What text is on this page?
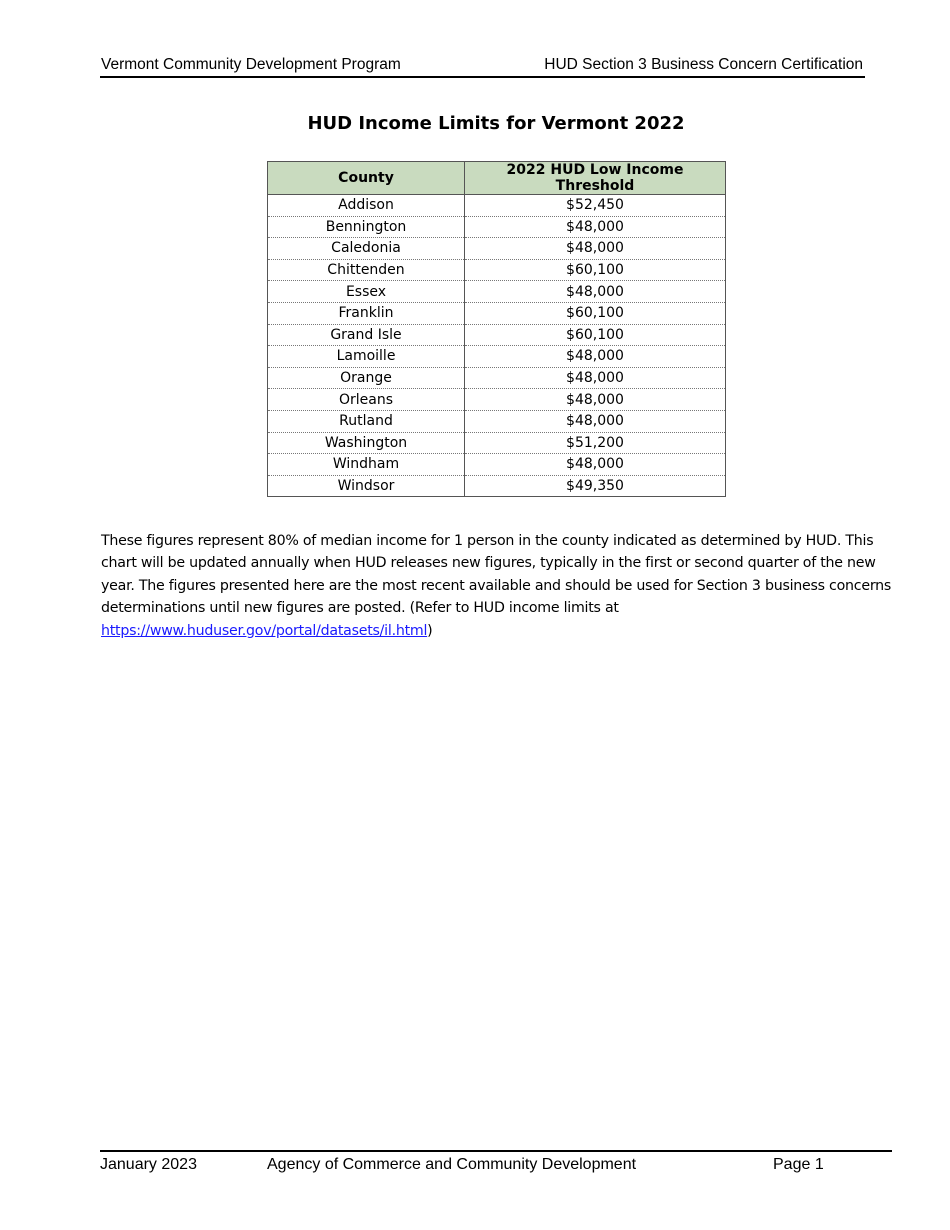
Vermont Community Development Program	HUD Section 3 Business Concern Certification
HUD Income Limits for Vermont 2022
County	2022 HUD Low Income Threshold
Addison	$52,450
Bennington	$48,000
Caledonia	$48,000
Chittenden	$60,100
Essex	$48,000
Franklin	$60,100
Grand Isle	$60,100
Lamoille	$48,000
Orange	$48,000
Orleans	$48,000
Rutland	$48,000
Washington	$51,200
Windham	$48,000
Windsor	$49,350
These figures represent 80% of median income for 1 person in the county indicated as determined by HUD. This chart will be updated annually when HUD releases new figures, typically in the first or second quarter of the new year. The figures presented here are the most recent available and should be used for Section 3 business concerns determinations until new figures are posted. (Refer to HUD income limits at https://www.huduser.gov/portal/datasets/il.html)
January 2023	Agency of Commerce and Community Development	Page 1
